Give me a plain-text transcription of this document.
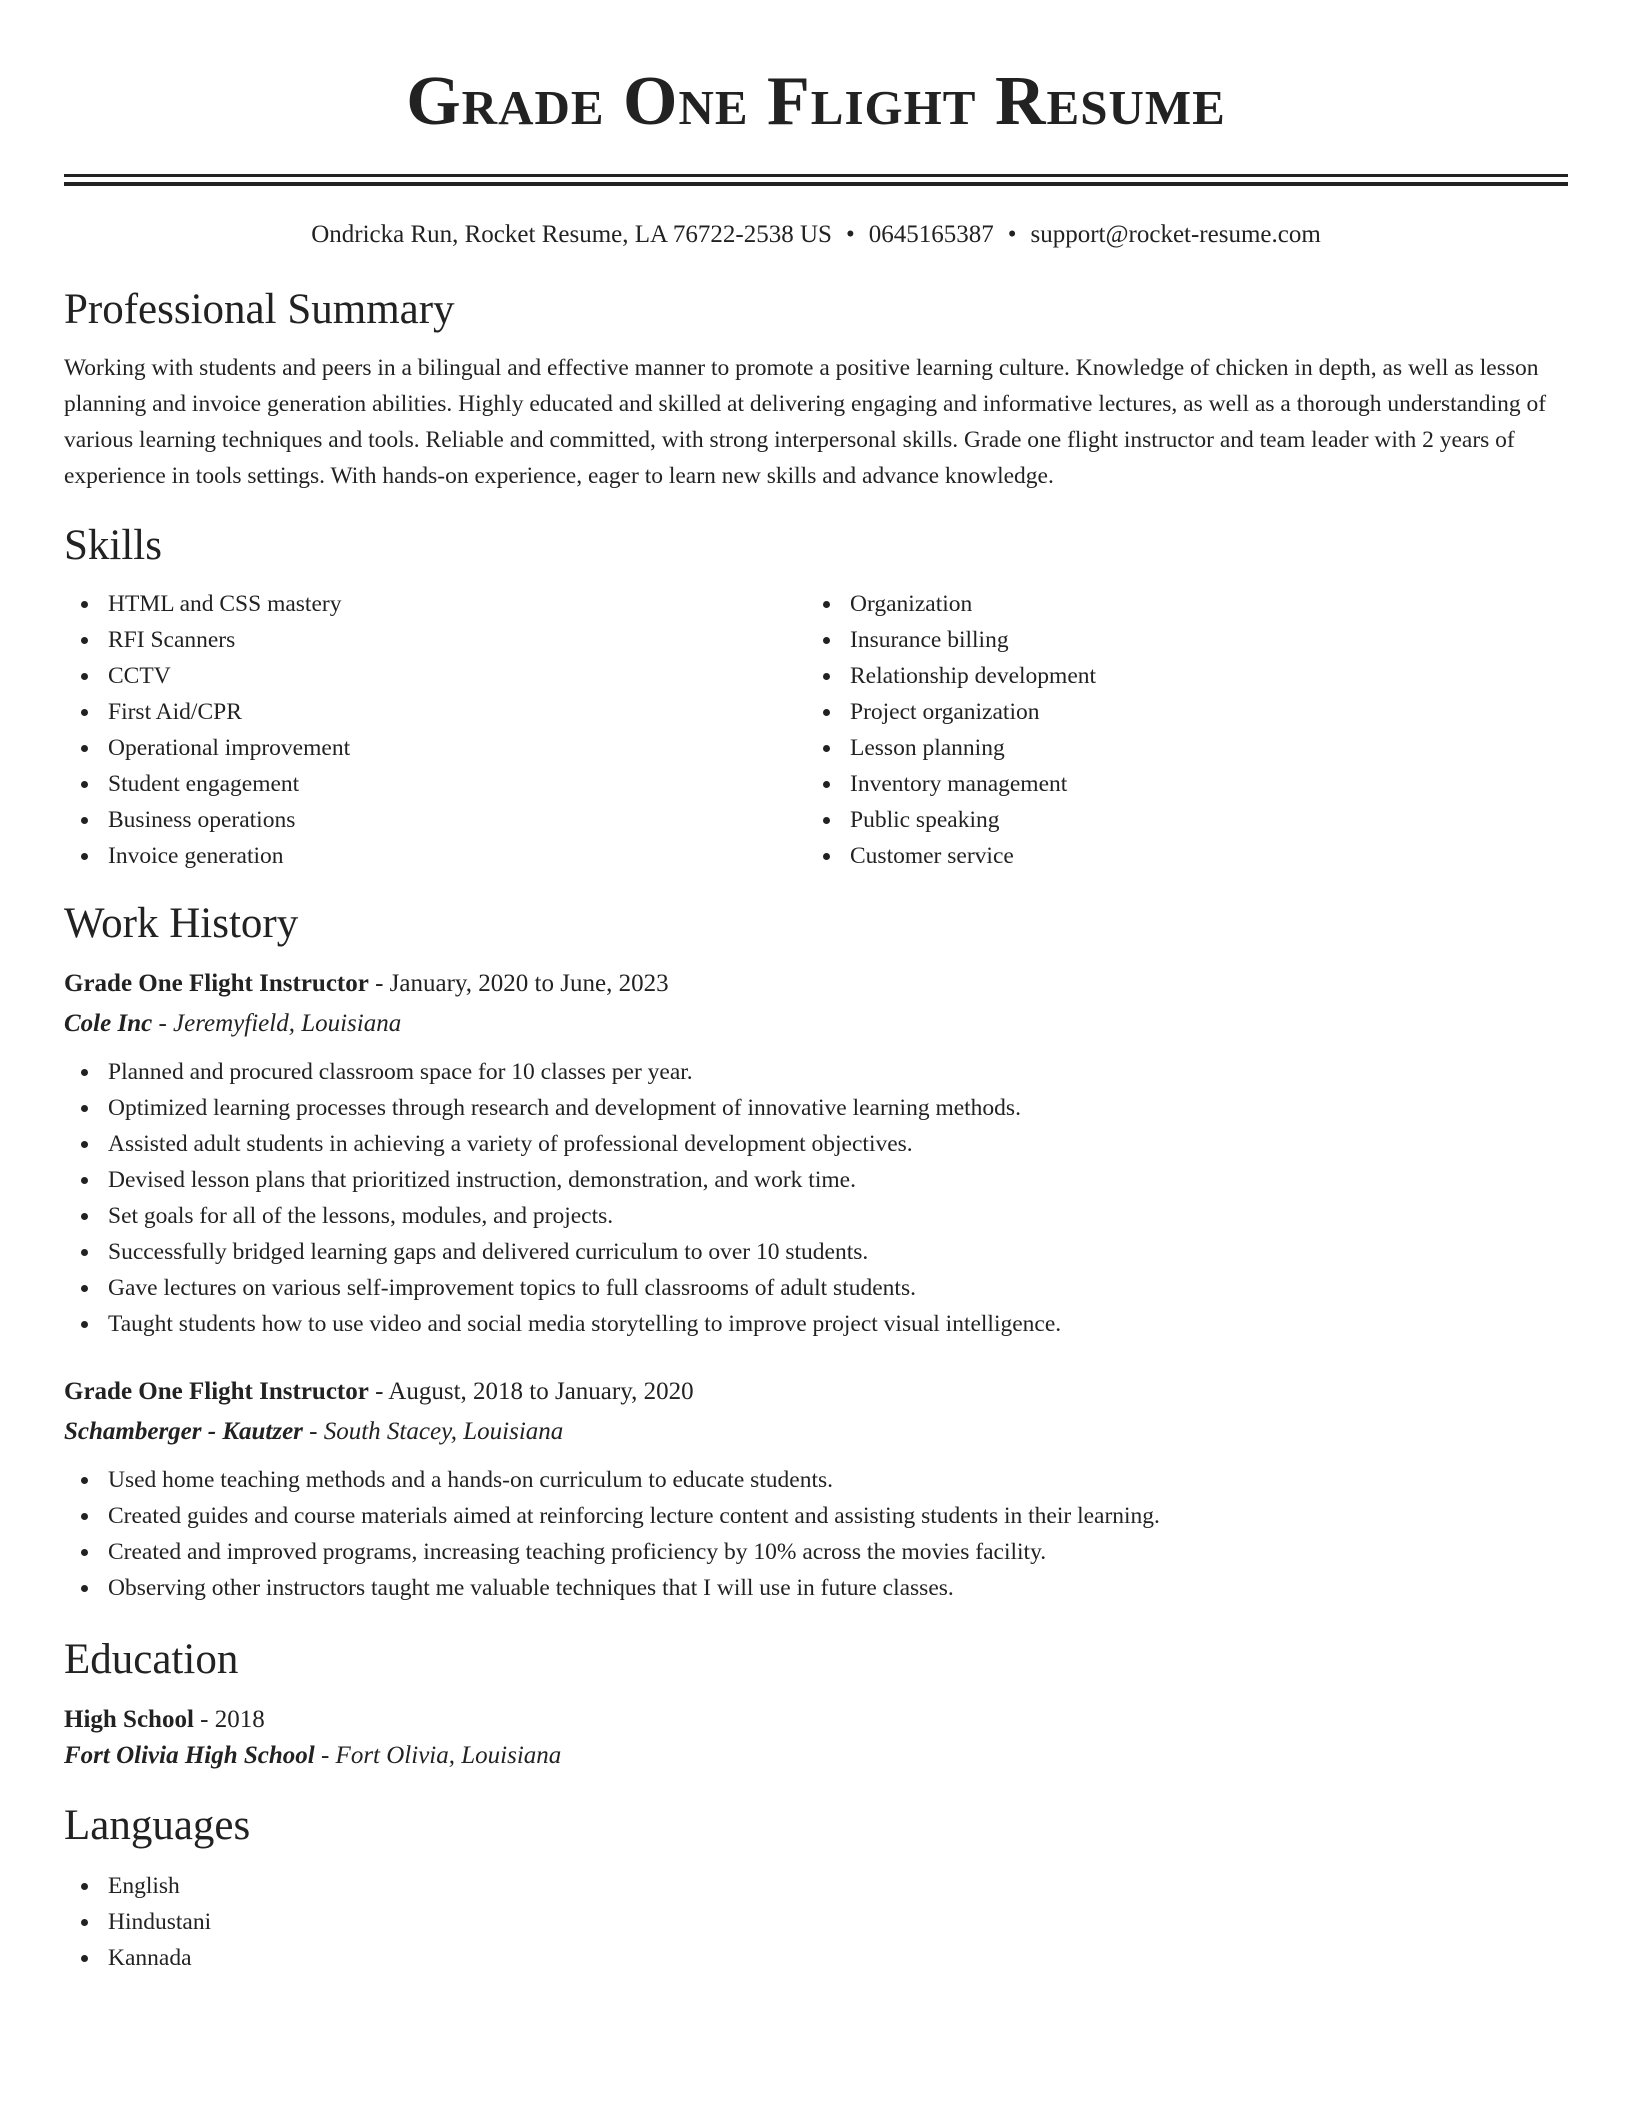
Grade One Flight Resume
Ondricka Run, Rocket Resume, LA 76722-2538 US • 0645165387 • support@rocket-resume.com
Professional Summary

Working with students and peers in a bilingual and effective manner to promote a positive learning culture. Knowledge of chicken in depth, as well as lesson planning and invoice generation abilities. Highly educated and skilled at delivering engaging and informative lectures, as well as a thorough understanding of various learning techniques and tools. Reliable and committed, with strong interpersonal skills. Grade one flight instructor and team leader with 2 years of experience in tools settings. With hands-on experience, eager to learn new skills and advance knowledge.

Skills
HTML and CSS mastery
RFI Scanners
CCTV
First Aid/CPR
Operational improvement
Student engagement
Business operations
Invoice generation
Organization
Insurance billing
Relationship development
Project organization
Lesson planning
Inventory management
Public speaking
Customer service
Work History
Grade One Flight Instructor - January, 2020 to June, 2023
Cole Inc - Jeremyfield, Louisiana
Planned and procured classroom space for 10 classes per year.
Optimized learning processes through research and development of innovative learning methods.
Assisted adult students in achieving a variety of professional development objectives.
Devised lesson plans that prioritized instruction, demonstration, and work time.
Set goals for all of the lessons, modules, and projects.
Successfully bridged learning gaps and delivered curriculum to over 10 students.
Gave lectures on various self-improvement topics to full classrooms of adult students.
Taught students how to use video and social media storytelling to improve project visual intelligence.
Grade One Flight Instructor - August, 2018 to January, 2020
Schamberger - Kautzer - South Stacey, Louisiana
Used home teaching methods and a hands-on curriculum to educate students.
Created guides and course materials aimed at reinforcing lecture content and assisting students in their learning.
Created and improved programs, increasing teaching proficiency by 10% across the movies facility.
Observing other instructors taught me valuable techniques that I will use in future classes.
Education
High School - 2018
Fort Olivia High School - Fort Olivia, Louisiana
Languages
English
Hindustani
Kannada
